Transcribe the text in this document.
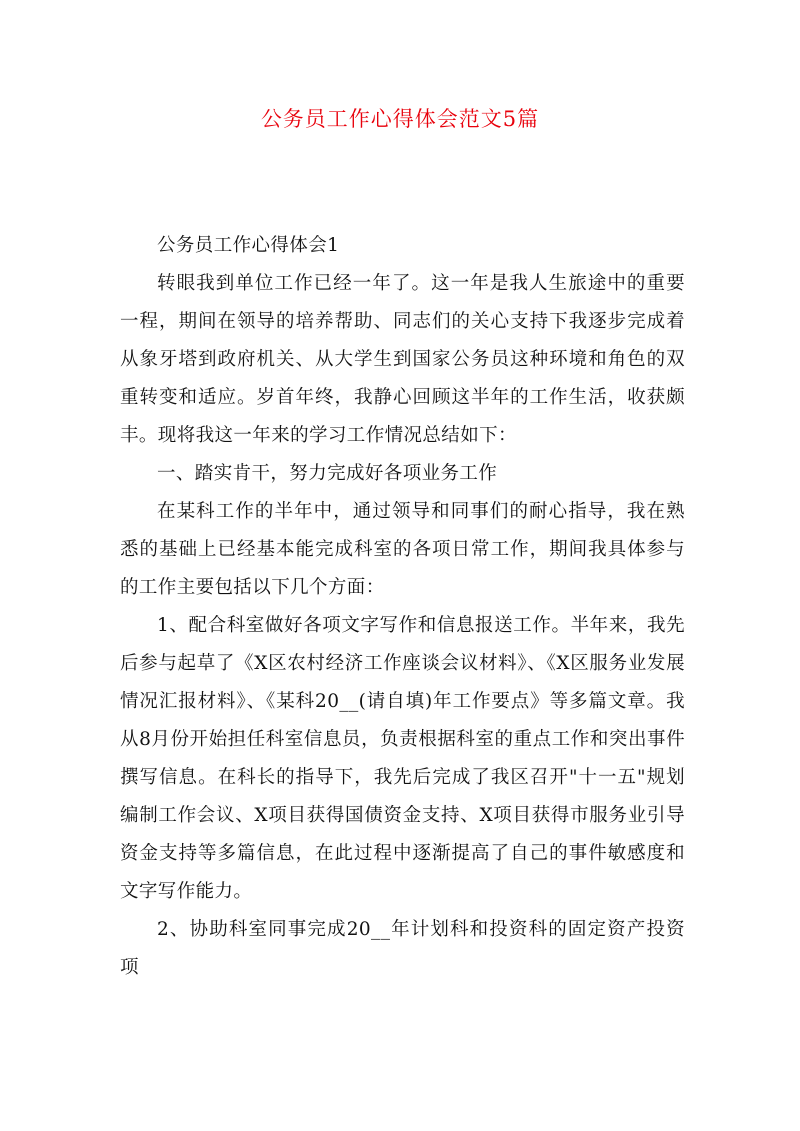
公务员工作心得体会范文5篇

公务员工作心得体会1

转眼我到单位工作已经一年了。这一年是我人生旅途中的重要一程，期间在领导的培养帮助、同志们的关心支持下我逐步完成着从象牙塔到政府机关、从大学生到国家公务员这种环境和角色的双重转变和适应。岁首年终，我静心回顾这半年的工作生活，收获颇丰。现将我这一年来的学习工作情况总结如下：

一、踏实肯干，努力完成好各项业务工作

在某科工作的半年中，通过领导和同事们的耐心指导，我在熟悉的基础上已经基本能完成科室的各项日常工作，期间我具体参与的工作主要包括以下几个方面：

1、配合科室做好各项文字写作和信息报送工作。半年来，我先后参与起草了《X区农村经济工作座谈会议材料》、《X区服务业发展情况汇报材料》、《某科20__(请自填)年工作要点》等多篇文章。我从8月份开始担任科室信息员，负责根据科室的重点工作和突出事件撰写信息。在科长的指导下，我先后完成了我区召开"十一五"规划编制工作会议、X项目获得国债资金支持、X项目获得市服务业引导资金支持等多篇信息，在此过程中逐渐提高了自己的事件敏感度和文字写作能力。

2、协助科室同事完成20__年计划科和投资科的固定资产投资项
